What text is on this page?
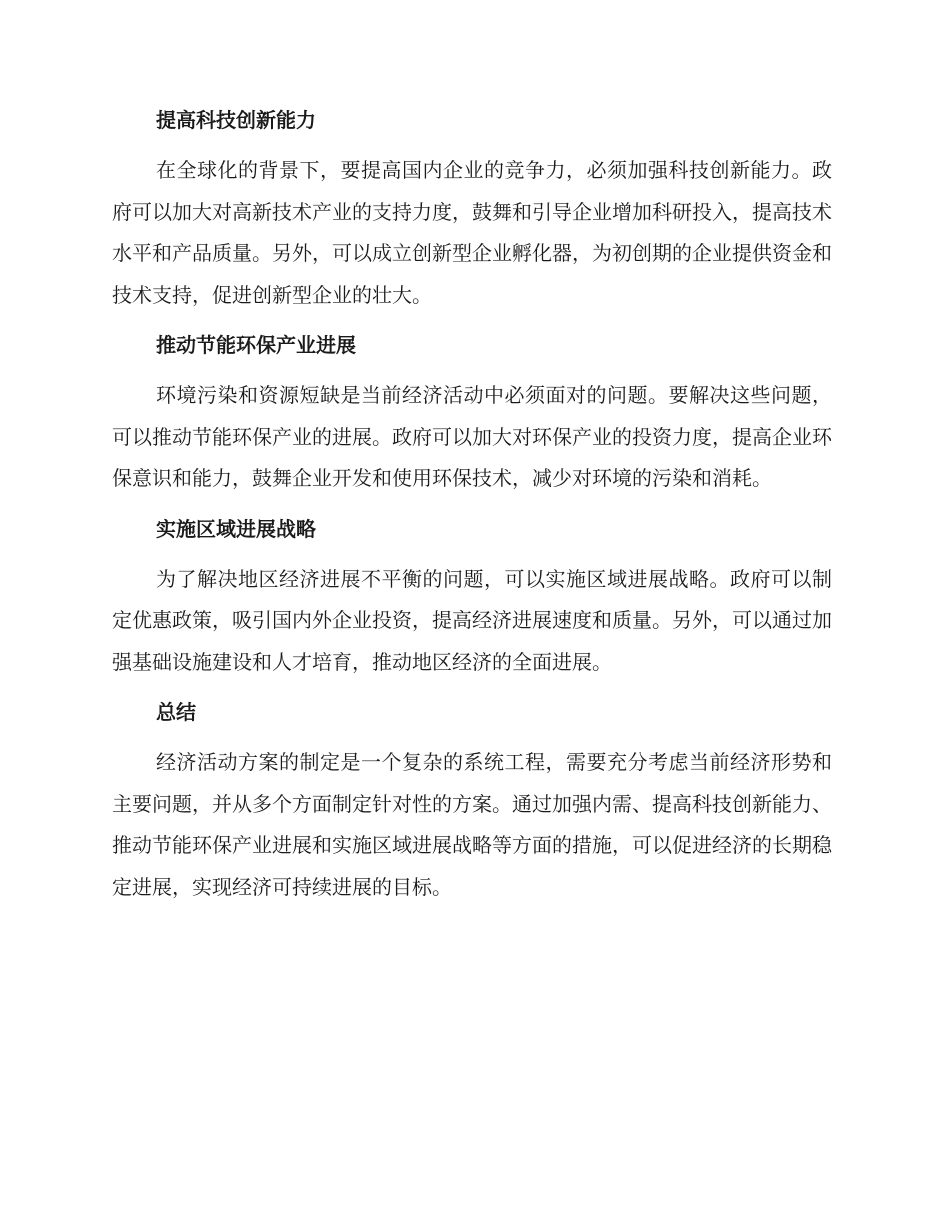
提高科技创新能力

在全球化的背景下，要提高国内企业的竞争力，必须加强科技创新能力。政府可以加大对高新技术产业的支持力度，鼓舞和引导企业增加科研投入，提高技术水平和产品质量。另外，可以成立创新型企业孵化器，为初创期的企业提供资金和技术支持，促进创新型企业的壮大。

推动节能环保产业进展

环境污染和资源短缺是当前经济活动中必须面对的问题。要解决这些问题，可以推动节能环保产业的进展。政府可以加大对环保产业的投资力度，提高企业环保意识和能力，鼓舞企业开发和使用环保技术，减少对环境的污染和消耗。

实施区域进展战略

为了解决地区经济进展不平衡的问题，可以实施区域进展战略。政府可以制定优惠政策，吸引国内外企业投资，提高经济进展速度和质量。另外，可以通过加强基础设施建设和人才培育，推动地区经济的全面进展。

总结

经济活动方案的制定是一个复杂的系统工程，需要充分考虑当前经济形势和主要问题，并从多个方面制定针对性的方案。通过加强内需、提高科技创新能力、推动节能环保产业进展和实施区域进展战略等方面的措施，可以促进经济的长期稳定进展，实现经济可持续进展的目标。
